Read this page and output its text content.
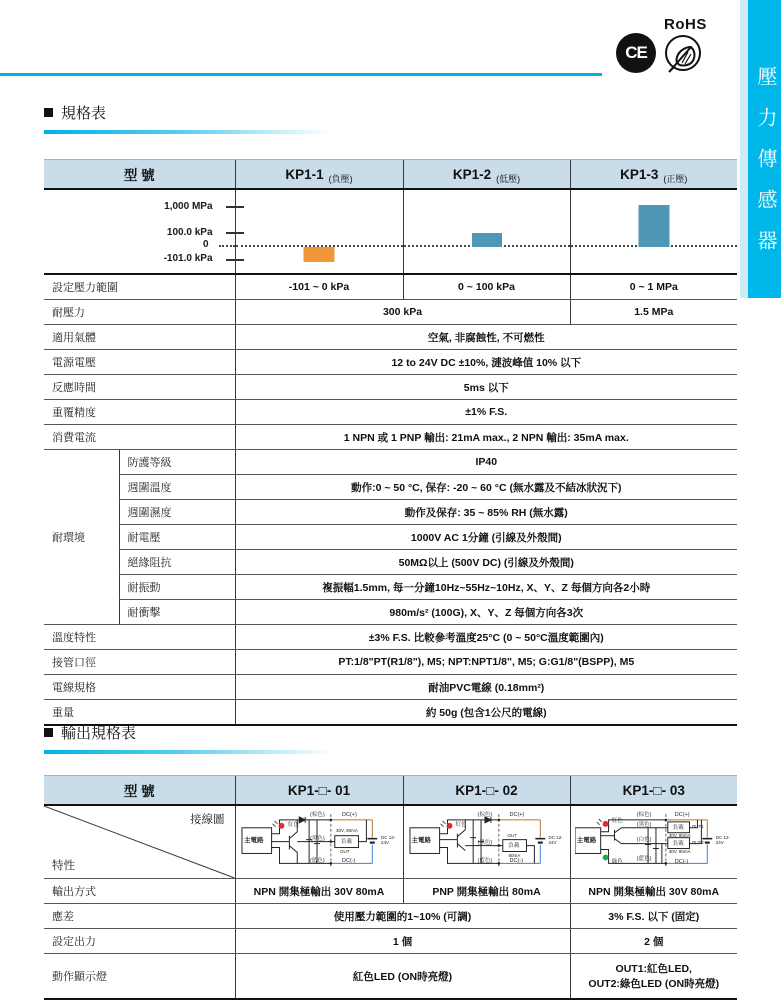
RoHS
CE
壓力傳感器
規格表
型 號		KP1-1 $_{(負壓)}$	KP1-2 $_{(低壓)}$	KP1-3 $_{(正壓)}$

1,000 MPa
100.0 kPa
0
-101.0 kPa				

設定壓力範圍		-101 ~ 0 kPa	0 ~ 100 kPa	0 ~ 1 MPa
耐壓力		300 kPa		1.5 MPa
適用氣體		空氣, 非腐蝕性, 不可燃性		
電源電壓		12 to 24V DC ±10%, 漣波峰值 10% 以下		
反應時間		5ms 以下		
重覆精度		±1% F.S.		
消費電流		1 NPN 或 1 PNP 輸出: 21mA max., 2 NPN 輸出: 35mA max.		
耐環境	防護等級	IP40		
	週圍溫度	動作:0 ~ 50 °C, 保存: -20 ~ 60 °C (無水露及不結冰狀況下)		
	週圍濕度	動作及保存: 35 ~ 85% RH (無水露)		
	耐電壓	1000V AC 1分鐘 (引線及外殼間)		
	絕緣阻抗	50MΩ以上 (500V DC) (引線及外殼間)		
	耐振動	複振幅1.5mm, 每一分鐘10Hz~55Hz~10Hz, X、Y、Z 每個方向各2小時		
	耐衝擊	980m/s² (100G), X、Y、Z 每個方向各3次		
溫度特性		±3% F.S. 比較參考溫度25°C (0 ~ 50°C溫度範圍內)		
接管口徑		PT:1/8"PT(R1/8"), M5; NPT:NPT1/8", M5; G:G1/8"(BSPP), M5		
電線規格		耐油PVC電線 (0.18mm²)		
重量		約 50g (包含1公尺的電線)		
輸出規格表
型 號	KP1-□- 01	KP1-□- 02	KP1-□- 03

接線圖
特性

主電路
紅色
(棕色)	DC(+)
(黑色)
30V, 80mA
負載
OUT
(藍色)	DC(-)
DC 12-24V	主電路
紅色
(棕色)	DC(+)
(黑色)
OUT
負載
80mA
(藍色)	DC(-)
DC 12-24V	主電路
紅色
綠色
(棕色)	DC(+)
(黑色)	負載 OUT1
30V, 80mA
(白色)
負載 OUT2
30V, 80mA
(藍色)	DC(-)
DC 12-24V

輸出方式	NPN 開集極輸出 30V 80mA	PNP 開集極輸出 80mA	NPN 開集極輸出 30V 80mA
應差	使用壓力範圍的1~10% (可調)		3% F.S. 以下 (固定)
設定出力	1 個		2 個
動作顯示燈	紅色LED (ON時亮燈)		OUT1:紅色LED,
OUT2:綠色LED (ON時亮燈)
